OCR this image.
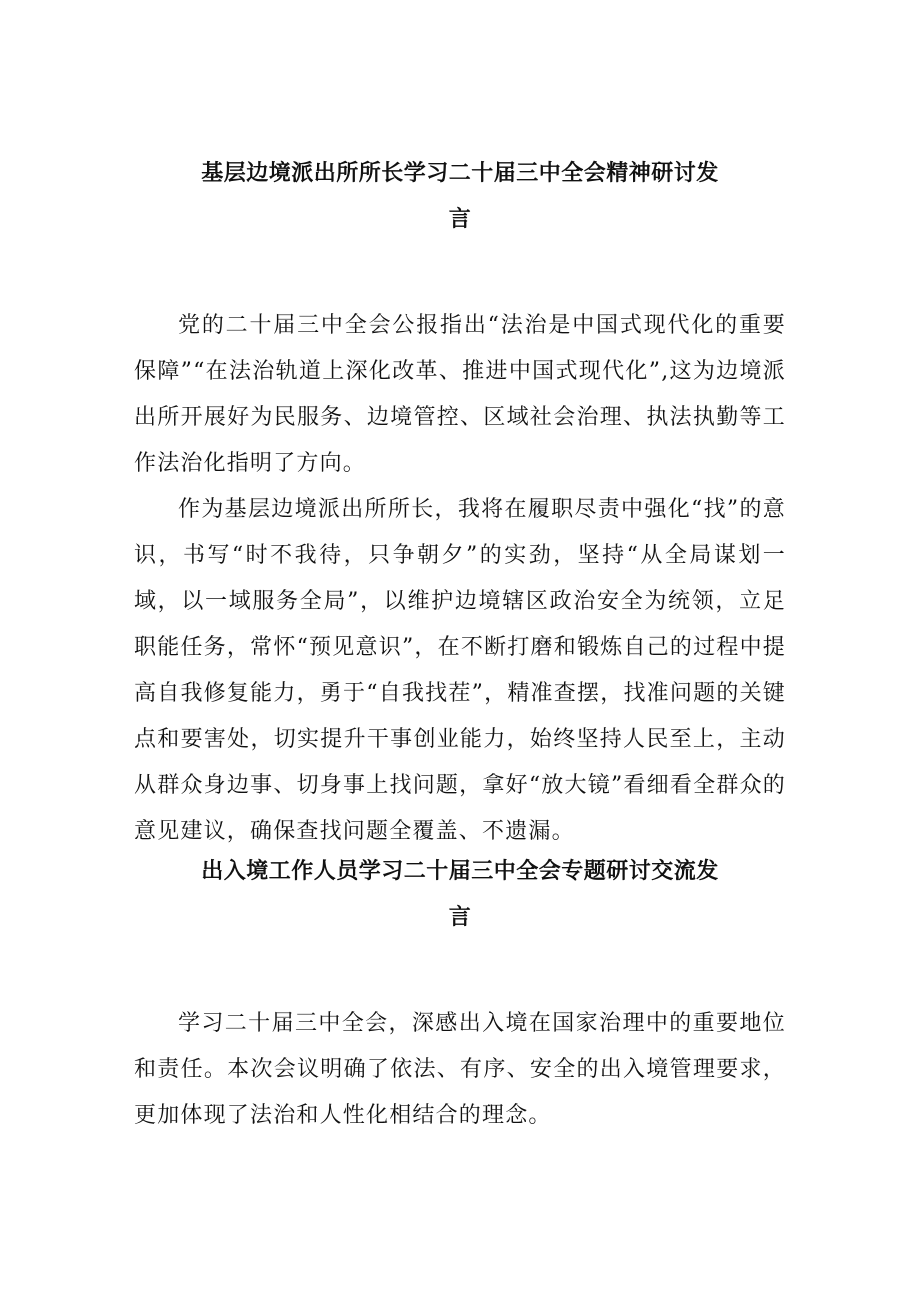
基层边境派出所所长学习二十届三中全会精神研讨发
言

党的二十届三中全会公报指出“法治是中国式现代化的重要保障”“在法治轨道上深化改革、推进中国式现代化”,这为边境派出所开展好为民服务、边境管控、区域社会治理、执法执勤等工作法治化指明了方向。

作为基层边境派出所所长，我将在履职尽责中强化“找”的意识，书写“时不我待，只争朝夕”的实劲，坚持“从全局谋划一域，以一域服务全局”，以维护边境辖区政治安全为统领，立足职能任务，常怀“预见意识”，在不断打磨和锻炼自己的过程中提高自我修复能力，勇于“自我找茬”，精准查摆，找准问题的关键点和要害处，切实提升干事创业能力，始终坚持人民至上，主动从群众身边事、切身事上找问题，拿好“放大镜”看细看全群众的意见建议，确保查找问题全覆盖、不遗漏。

出入境工作人员学习二十届三中全会专题研讨交流发
言

学习二十届三中全会，深感出入境在国家治理中的重要地位和责任。本次会议明确了依法、有序、安全的出入境管理要求，更加体现了法治和人性化相结合的理念。
